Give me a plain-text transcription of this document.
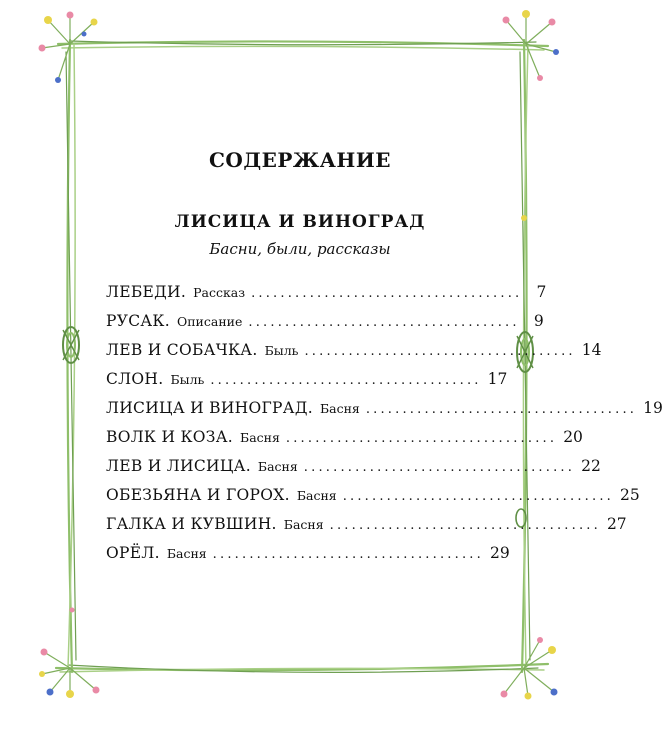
СОДЕРЖАНИЕ
ЛИСИЦА И ВИНОГРАД
Басни, были, рассказы
ЛЕБЕДИ. Рассказ ..................................... 7
РУСАК. Описание ..................................... 9
ЛЕВ И СОБАЧКА. Быль ..................................... 14
СЛОН. Быль ..................................... 17
ЛИСИЦА И ВИНОГРАД. Басня ..................................... 19
ВОЛК И КОЗА. Басня ..................................... 20
ЛЕВ И ЛИСИЦА. Басня ..................................... 22
ОБЕЗЬЯНА И ГОРОХ. Басня ..................................... 25
ГАЛКА И КУВШИН. Басня ..................................... 27
ОРЁЛ. Басня ..................................... 29
